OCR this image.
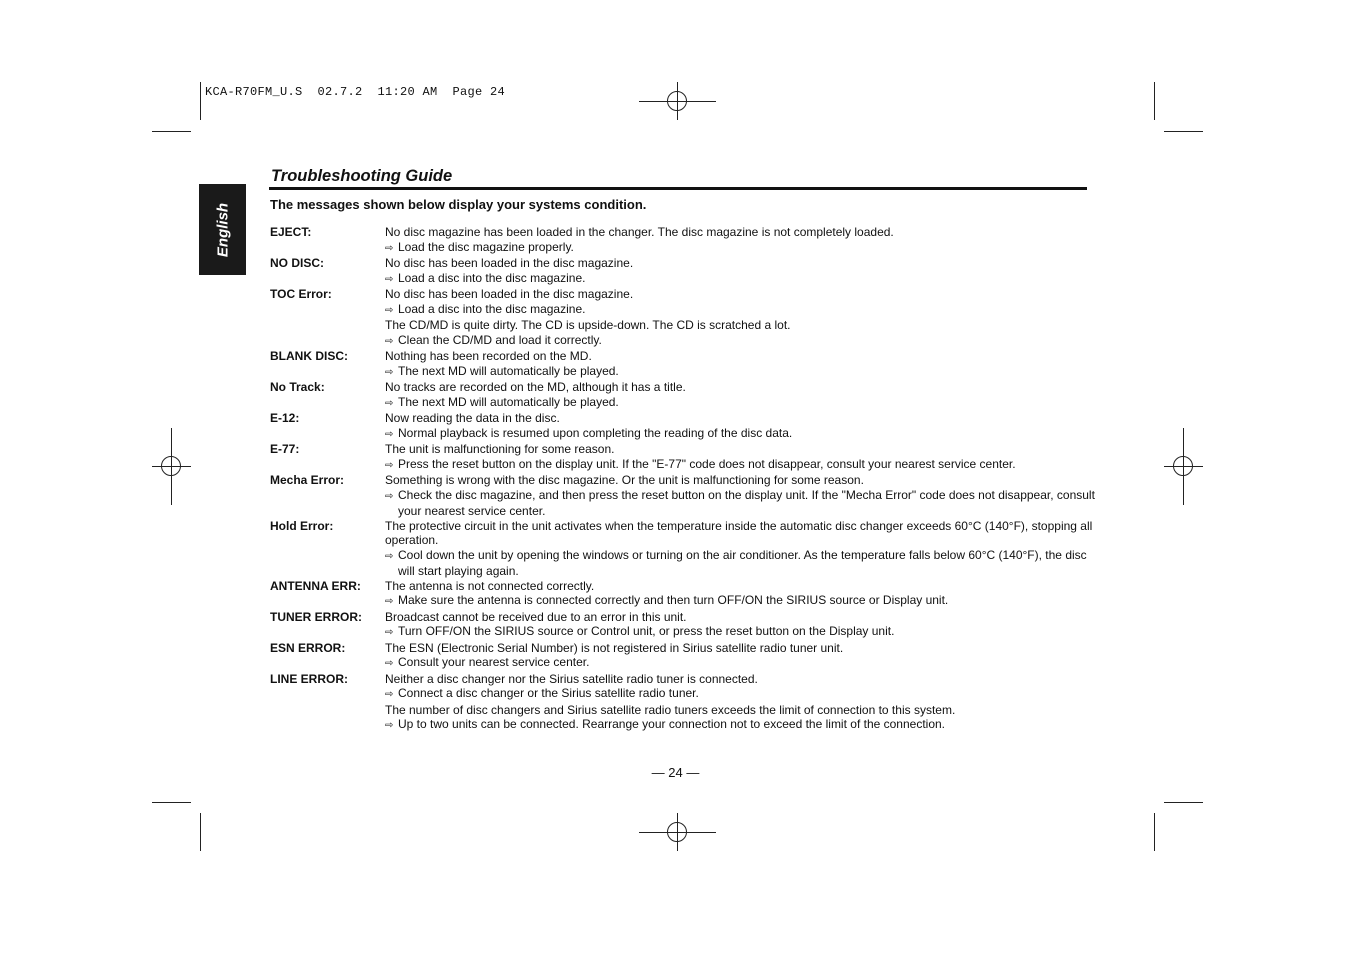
KCA-R70FM_U.S  02.7.2  11:20 AM  Page 24
English
Troubleshooting Guide
The messages shown below display your systems condition.
EJECT:	No disc magazine has been loaded in the changer. The disc magazine is not completely loaded.
⇨ Load the disc magazine properly.
NO DISC:	No disc has been loaded in the disc magazine.
⇨ Load a disc into the disc magazine.
TOC Error:	No disc has been loaded in the disc magazine.
⇨ Load a disc into the disc magazine.
The CD/MD is quite dirty. The CD is upside-down. The CD is scratched a lot.
⇨ Clean the CD/MD and load it correctly.
BLANK DISC:	Nothing has been recorded on the MD.
⇨ The next MD will automatically be played.
No Track:	No tracks are recorded on the MD, although it has a title.
⇨ The next MD will automatically be played.
E-12:	Now reading the data in the disc.
⇨ Normal playback is resumed upon completing the reading of the disc data.
E-77:	The unit is malfunctioning for some reason.
⇨ Press the reset button on the display unit. If the "E-77" code does not disappear, consult your nearest service center.
Mecha Error:	Something is wrong with the disc magazine. Or the unit is malfunctioning for some reason.
⇨ Check the disc magazine, and then press the reset button on the display unit. If the "Mecha Error" code does not disappear, consult your nearest service center.
Hold Error:	The protective circuit in the unit activates when the temperature inside the automatic disc changer exceeds 60°C (140°F), stopping all operation.
⇨ Cool down the unit by opening the windows or turning on the air conditioner. As the temperature falls below 60°C (140°F), the disc will start playing again.
ANTENNA ERR:	The antenna is not connected correctly.
⇨ Make sure the antenna is connected correctly and then turn OFF/ON the SIRIUS source or Display unit.
TUNER ERROR:	Broadcast cannot be received due to an error in this unit.
⇨ Turn OFF/ON the SIRIUS source or Control unit, or press the reset button on the Display unit.
ESN ERROR:	The ESN (Electronic Serial Number) is not registered in Sirius satellite radio tuner unit.
⇨ Consult your nearest service center.
LINE ERROR:	Neither a disc changer nor the Sirius satellite radio tuner is connected.
⇨ Connect a disc changer or the Sirius satellite radio tuner.
The number of disc changers and Sirius satellite radio tuners exceeds the limit of connection to this system.
⇨ Up to two units can be connected. Rearrange your connection not to exceed the limit of the connection.
— 24 —
